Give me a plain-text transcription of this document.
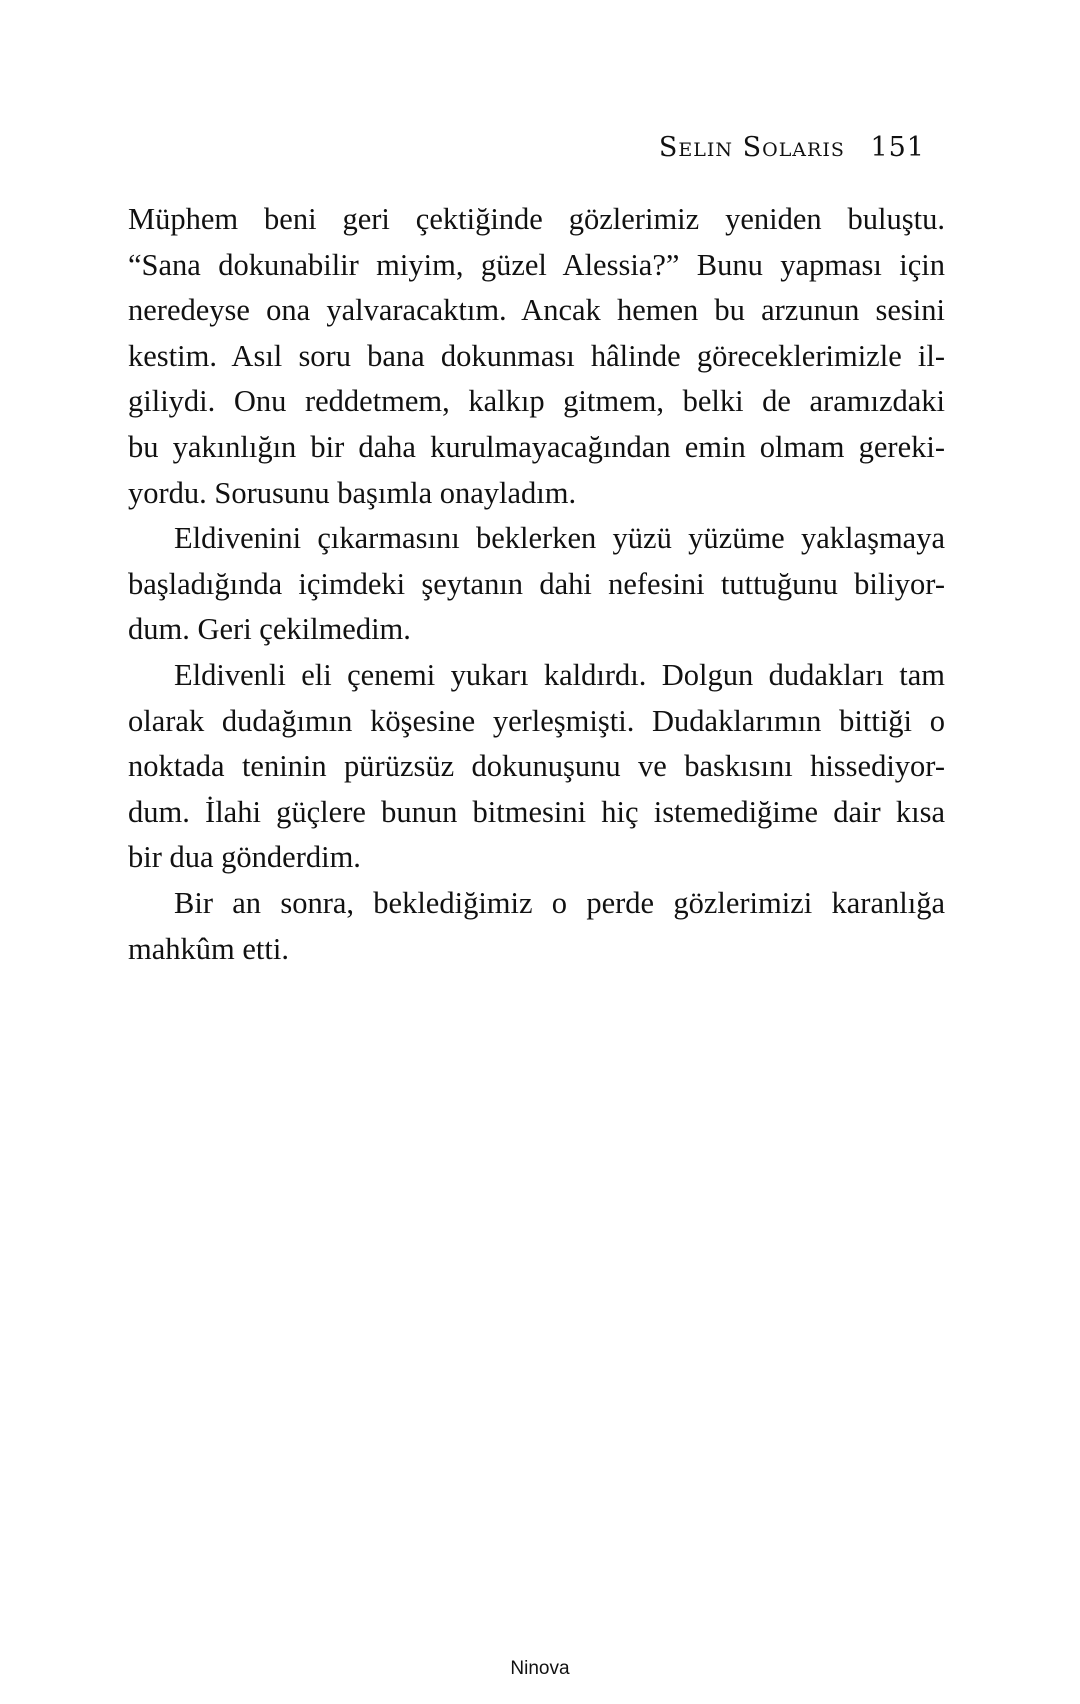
Selin Solaris 151
Müphem beni geri çektiğinde gözlerimiz yeniden buluştu.
“Sana dokunabilir miyim, güzel Alessia?” Bunu yapması için
neredeyse ona yalvaracaktım. Ancak hemen bu arzunun sesini
kestim. Asıl soru bana dokunması hâlinde göreceklerimizle il-
giliydi. Onu reddetmem, kalkıp gitmem, belki de aramızdaki
bu yakınlığın bir daha kurulmayacağından emin olmam gereki-
yordu. Sorusunu başımla onayladım.
Eldivenini çıkarmasını beklerken yüzü yüzüme yaklaşmaya
başladığında içimdeki şeytanın dahi nefesini tuttuğunu biliyor-
dum. Geri çekilmedim.
Eldivenli eli çenemi yukarı kaldırdı. Dolgun dudakları tam
olarak dudağımın köşesine yerleşmişti. Dudaklarımın bittiği o
noktada teninin pürüzsüz dokunuşunu ve baskısını hissediyor-
dum. İlahi güçlere bunun bitmesini hiç istemediğime dair kısa
bir dua gönderdim.
Bir an sonra, beklediğimiz o perde gözlerimizi karanlığa
mahkûm etti.
Ninova
